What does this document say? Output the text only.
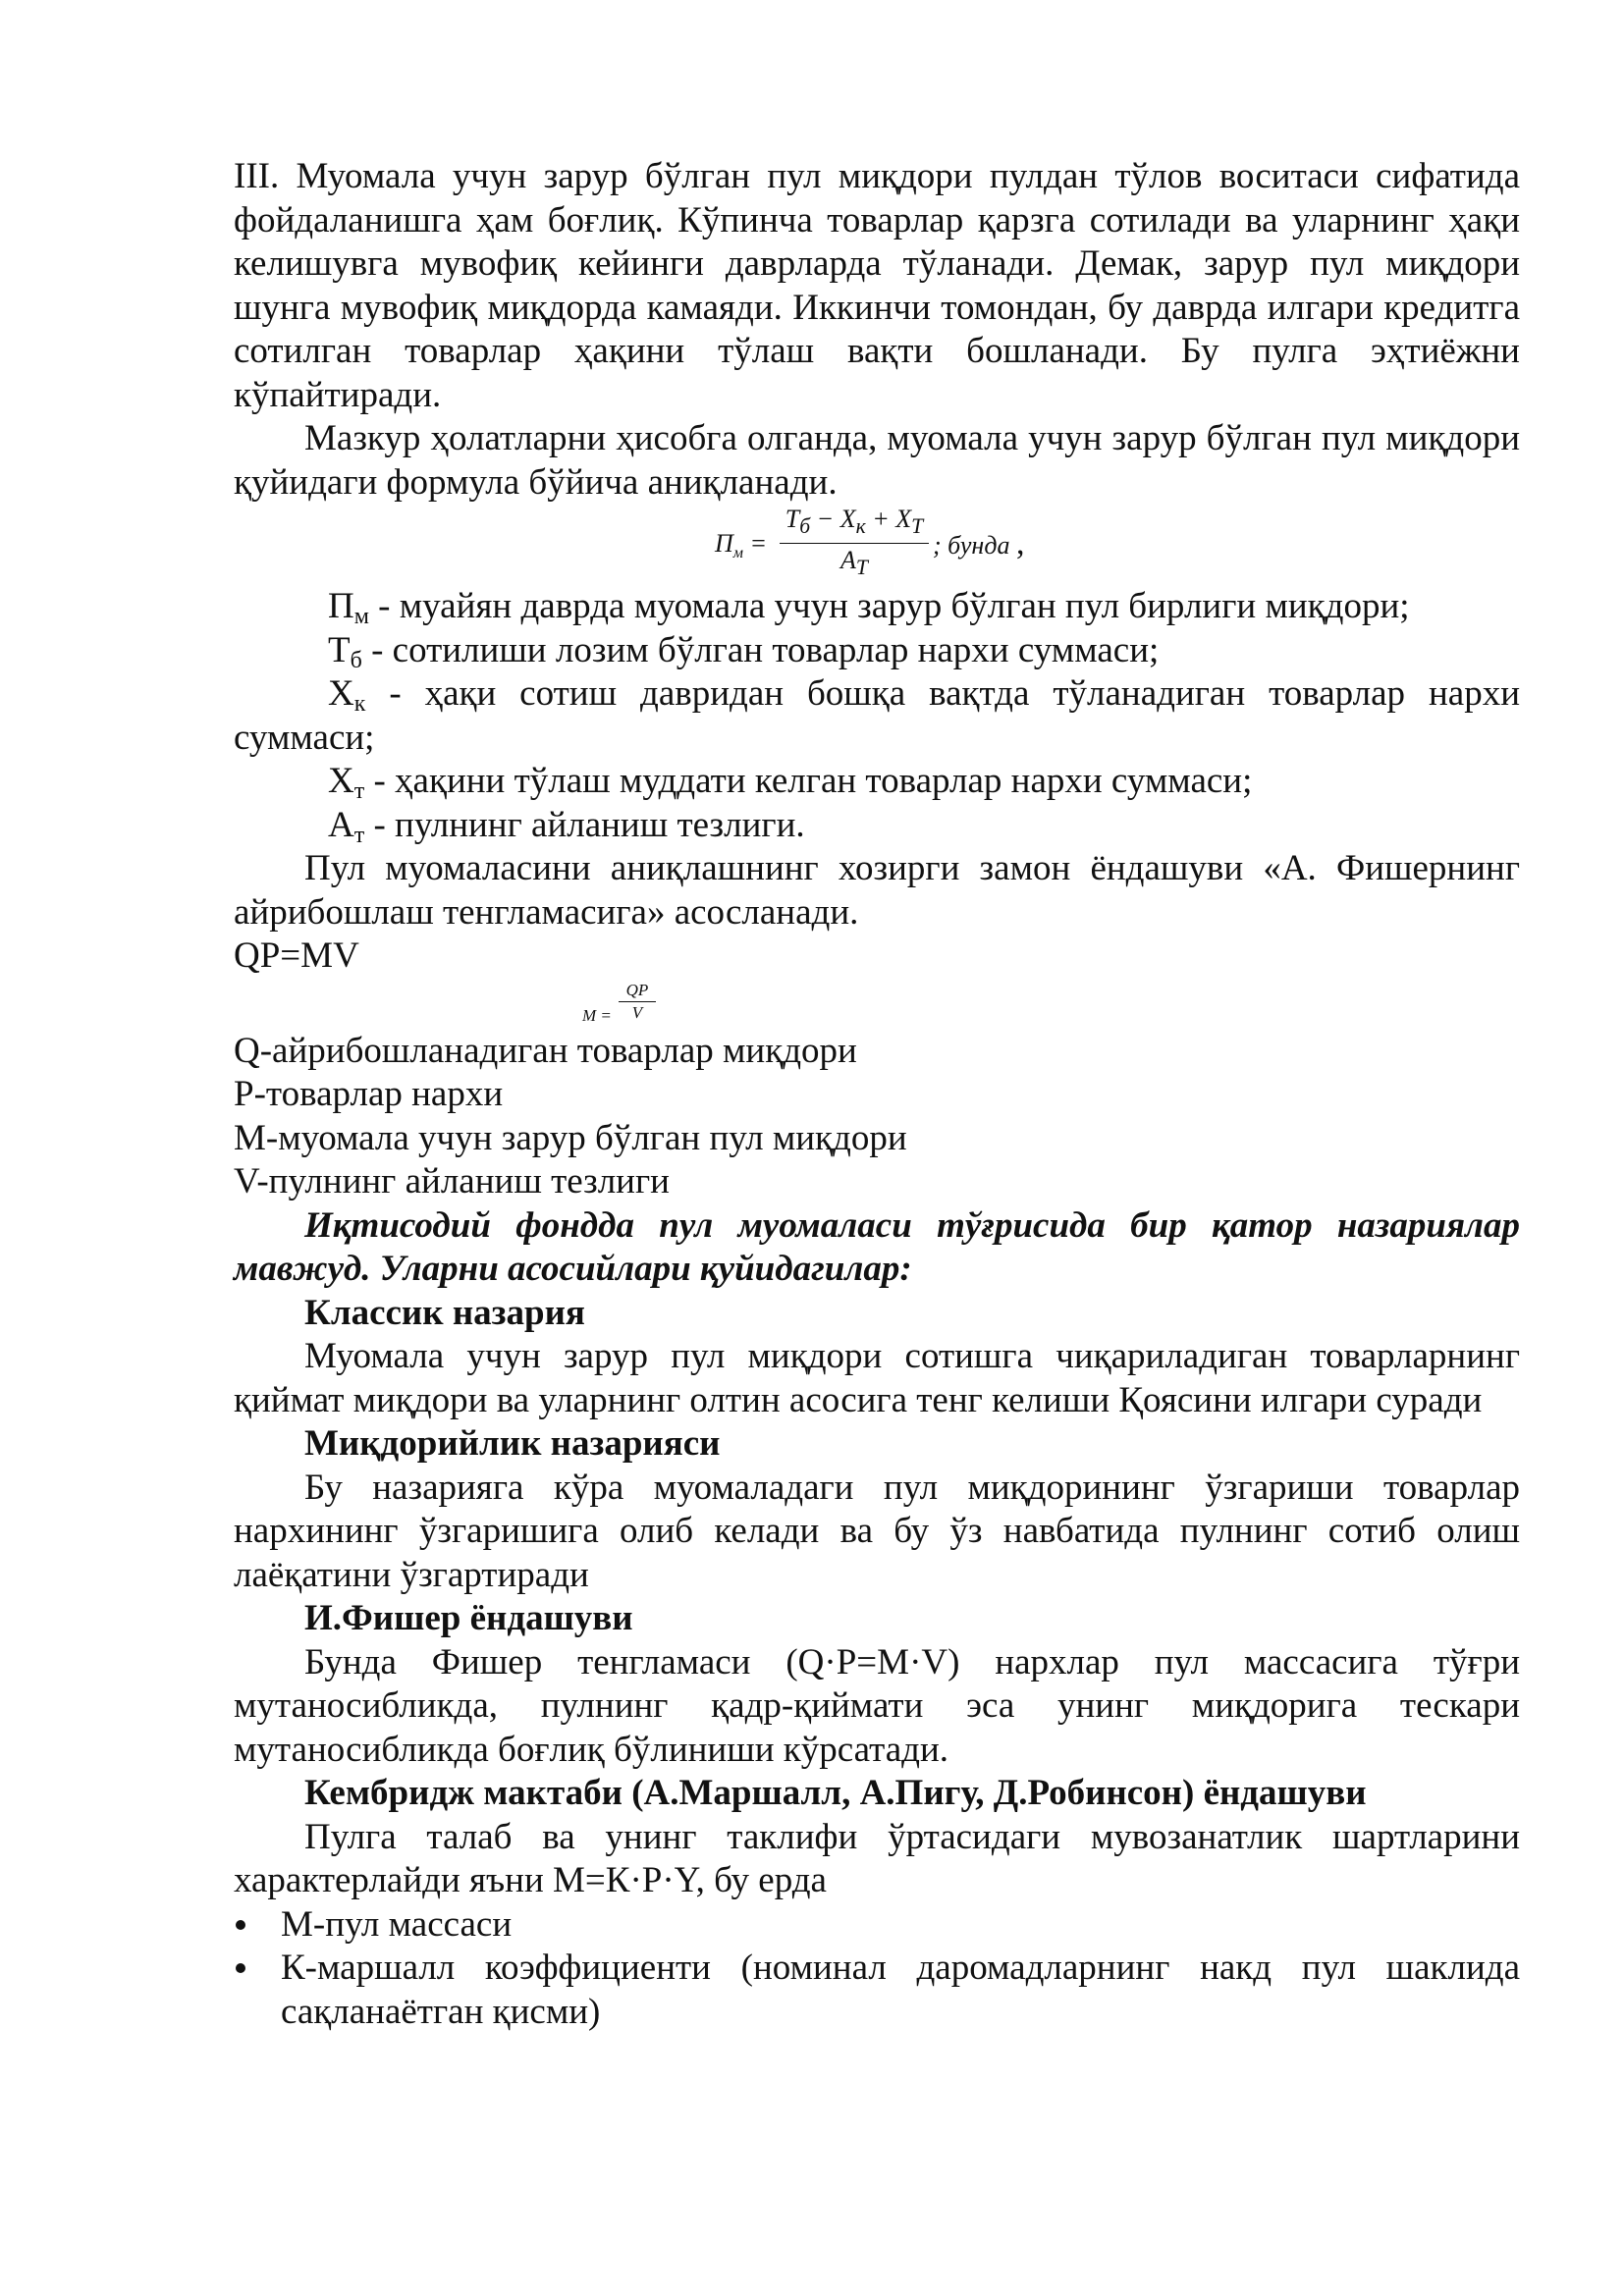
III. Муомала учун зарур бўлган пул миқдори пулдан тўлов воситаси сифатида фойдаланишга ҳам боғлиқ. Кўпинча товарлар қарзга сотилади ва уларнинг ҳақи келишувга мувофиқ кейинги даврларда тўланади. Демак, зарур пул миқдори шунга мувофиқ миқдорда камаяди. Иккинчи томондан, бу даврда илгари кредитга сотилган товарлар ҳақини тўлаш вақти бошланади. Бу пулга эҳтиёжни кўпайтиради.

Мазкур ҳолатларни ҳисобга олганда, муомала учун зарур бўлган пул миқдори қуйидаги формула бўйича аниқланади.

$П_м$ =
$Т_б - Х_к + Х_Т$
$А_Т$
; бунда ,

$П_м$ - муайян даврда муомала учун зарур бўлган пул бирлиги миқдори;

$Т_б$ - сотилиши лозим бўлган товарлар нархи суммаси;

$Х_к$ - ҳақи сотиш давридан бошқа вақтда тўланадиган товарлар нархи суммаси;

$Х_т$ - ҳақини тўлаш муддати келган товарлар нархи суммаси;

$А_т$ - пулнинг айланиш тезлиги.

Пул муомаласини аниқлашнинг хозирги замон ёндашуви «А. Фишернинг айрибошлаш тенгламасига» асосланади.

QP=MV

M =
QP
V

Q-айрибошланадиган товарлар миқдори

P-товарлар нархи

M-муомала учун зарур бўлган пул миқдори

V-пулнинг айланиш тезлиги

Иқтисодий фондда пул муомаласи тўғрисида бир қатор назариялар мавжуд. Уларни асосийлари қуйидагилар:

Классик назария

Муомала учун зарур пул миқдори сотишга чиқариладиган товарларнинг қиймат миқдори ва уларнинг олтин асосига тенг келиши Қоясини илгари суради

Миқдорийлик назарияси

Бу назарияга кўра муомаладаги пул миқдорининг ўзгариши товарлар нархининг ўзгаришига олиб келади ва бу ўз навбатида пулнинг сотиб олиш лаёқатини ўзгартиради

И.Фишер ёндашуви

Бунда Фишер тенгламаси (Q·P=M·V) нархлар пул массасига тўғри мутаносибликда, пулнинг қадр-қиймати эса унинг миқдорига тескари мутаносибликда боғлиқ бўлиниши кўрсатади.

Кембридж мактаби (А.Маршалл, А.Пигу, Д.Робинсон) ёндашуви

Пулга талаб ва унинг таклифи ўртасидаги мувозанатлик шартларини характерлайди яъни M=К·P·Y, бу ерда

М-пул массаси
К-маршалл коэффициенти (номинал даромадларнинг накд пул шаклида сақланаётган қисми)
